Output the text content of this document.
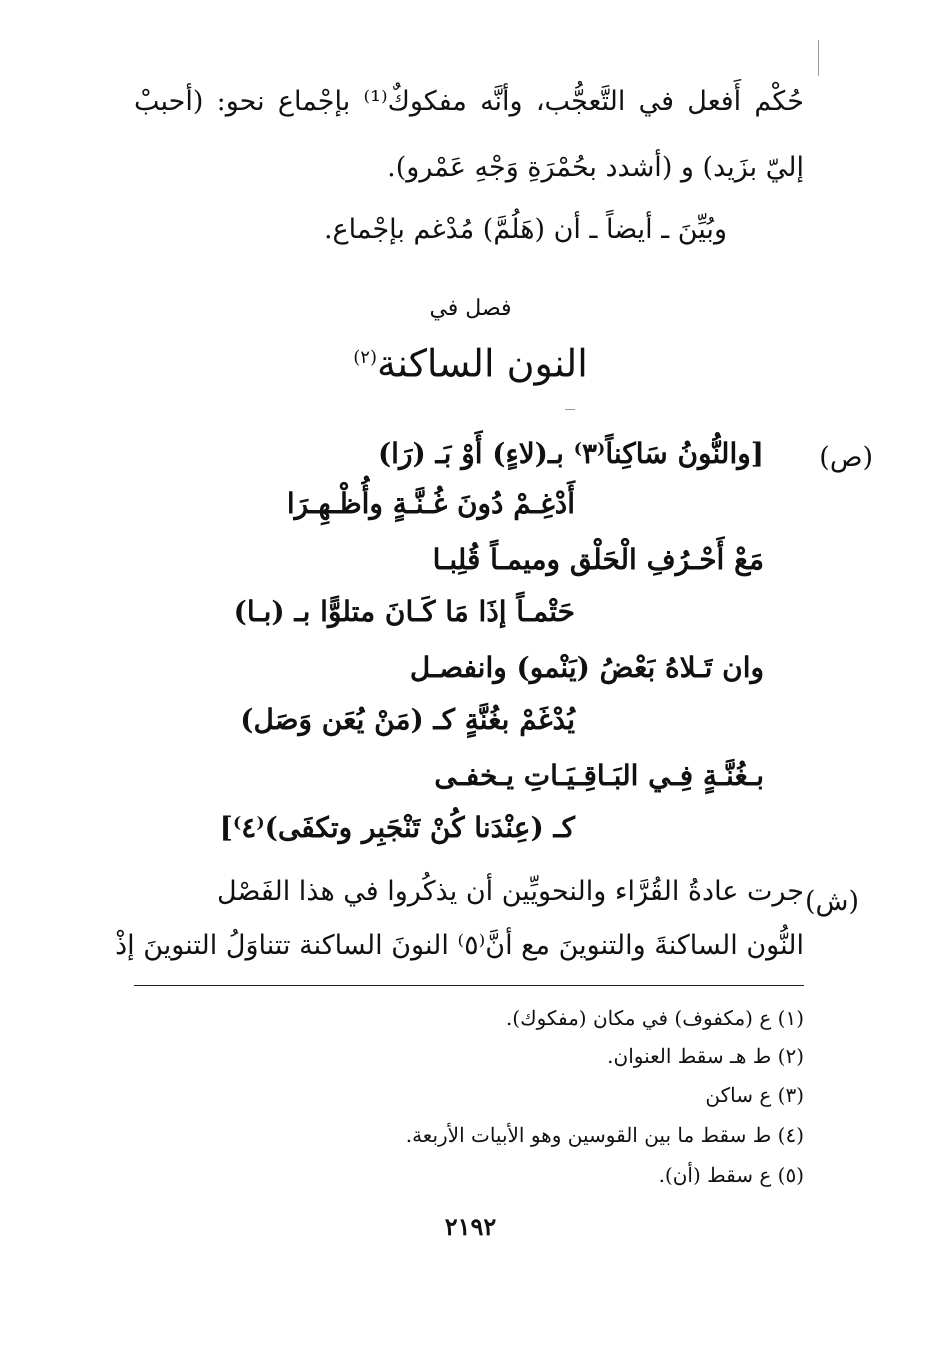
حُكْم أَفعل في التَّعجُّب، وأنَّه مفكوكٌ⁽¹⁾ بإجْماع نحو: (أحببْ
إليّ بزَيد) و (أشدد بحُمْرَةِ وَجْهِ عَمْرو).
وبُيِّنَ ـ أيضاً ـ أن (هَلُمَّ) مُدْغم بإجْماع.
فصل في
النون الساكنة$^{(٢)}$
(ص)
[والنُّونُ سَاكِناً⁽٣⁾ بـ(لاءٍ) أَوْ بَـ (رَا)
أَدْغِـمْ دُونَ غُـنَّـةٍ وأُظْـهِـرَا
مَعْ أَحْـرُفِ الْحَلْق وميمـاً قُلِبـا
حَتْمـاً إذَا مَا كَـانَ متلوًّا بـ (بـا)
وان تَـلاهُ بَعْضُ (يَنْمو) وانفصـل
يُدْغَمْ بغُنَّةٍ كـ (مَنْ يُعَن وَصَل)
بـغُنَّـةٍ فِـي البَـاقِـيَـاتِ يـخفـى
كـ (عِنْدَنا كُنْ تَنْجَبِر وتكفَى)⁽٤⁾]
(ش)
جرت عادةُ القُرَّاء والنحويِّين أن يذكُروا في هذا الفَصْل
النُّون الساكنةَ والتنوينَ مع أنَّ⁽٥⁾ النونَ الساكنة تتناوَلُ التنوينَ إذْ
(١) ع (مكفوف) في مكان (مفكوك).
(٢) ط هـ سقط العنوان.
(٣) ع ساكن
(٤) ط سقط ما بين القوسين وهو الأبيات الأربعة.
(٥) ع سقط (أن).
٢١٩٢
